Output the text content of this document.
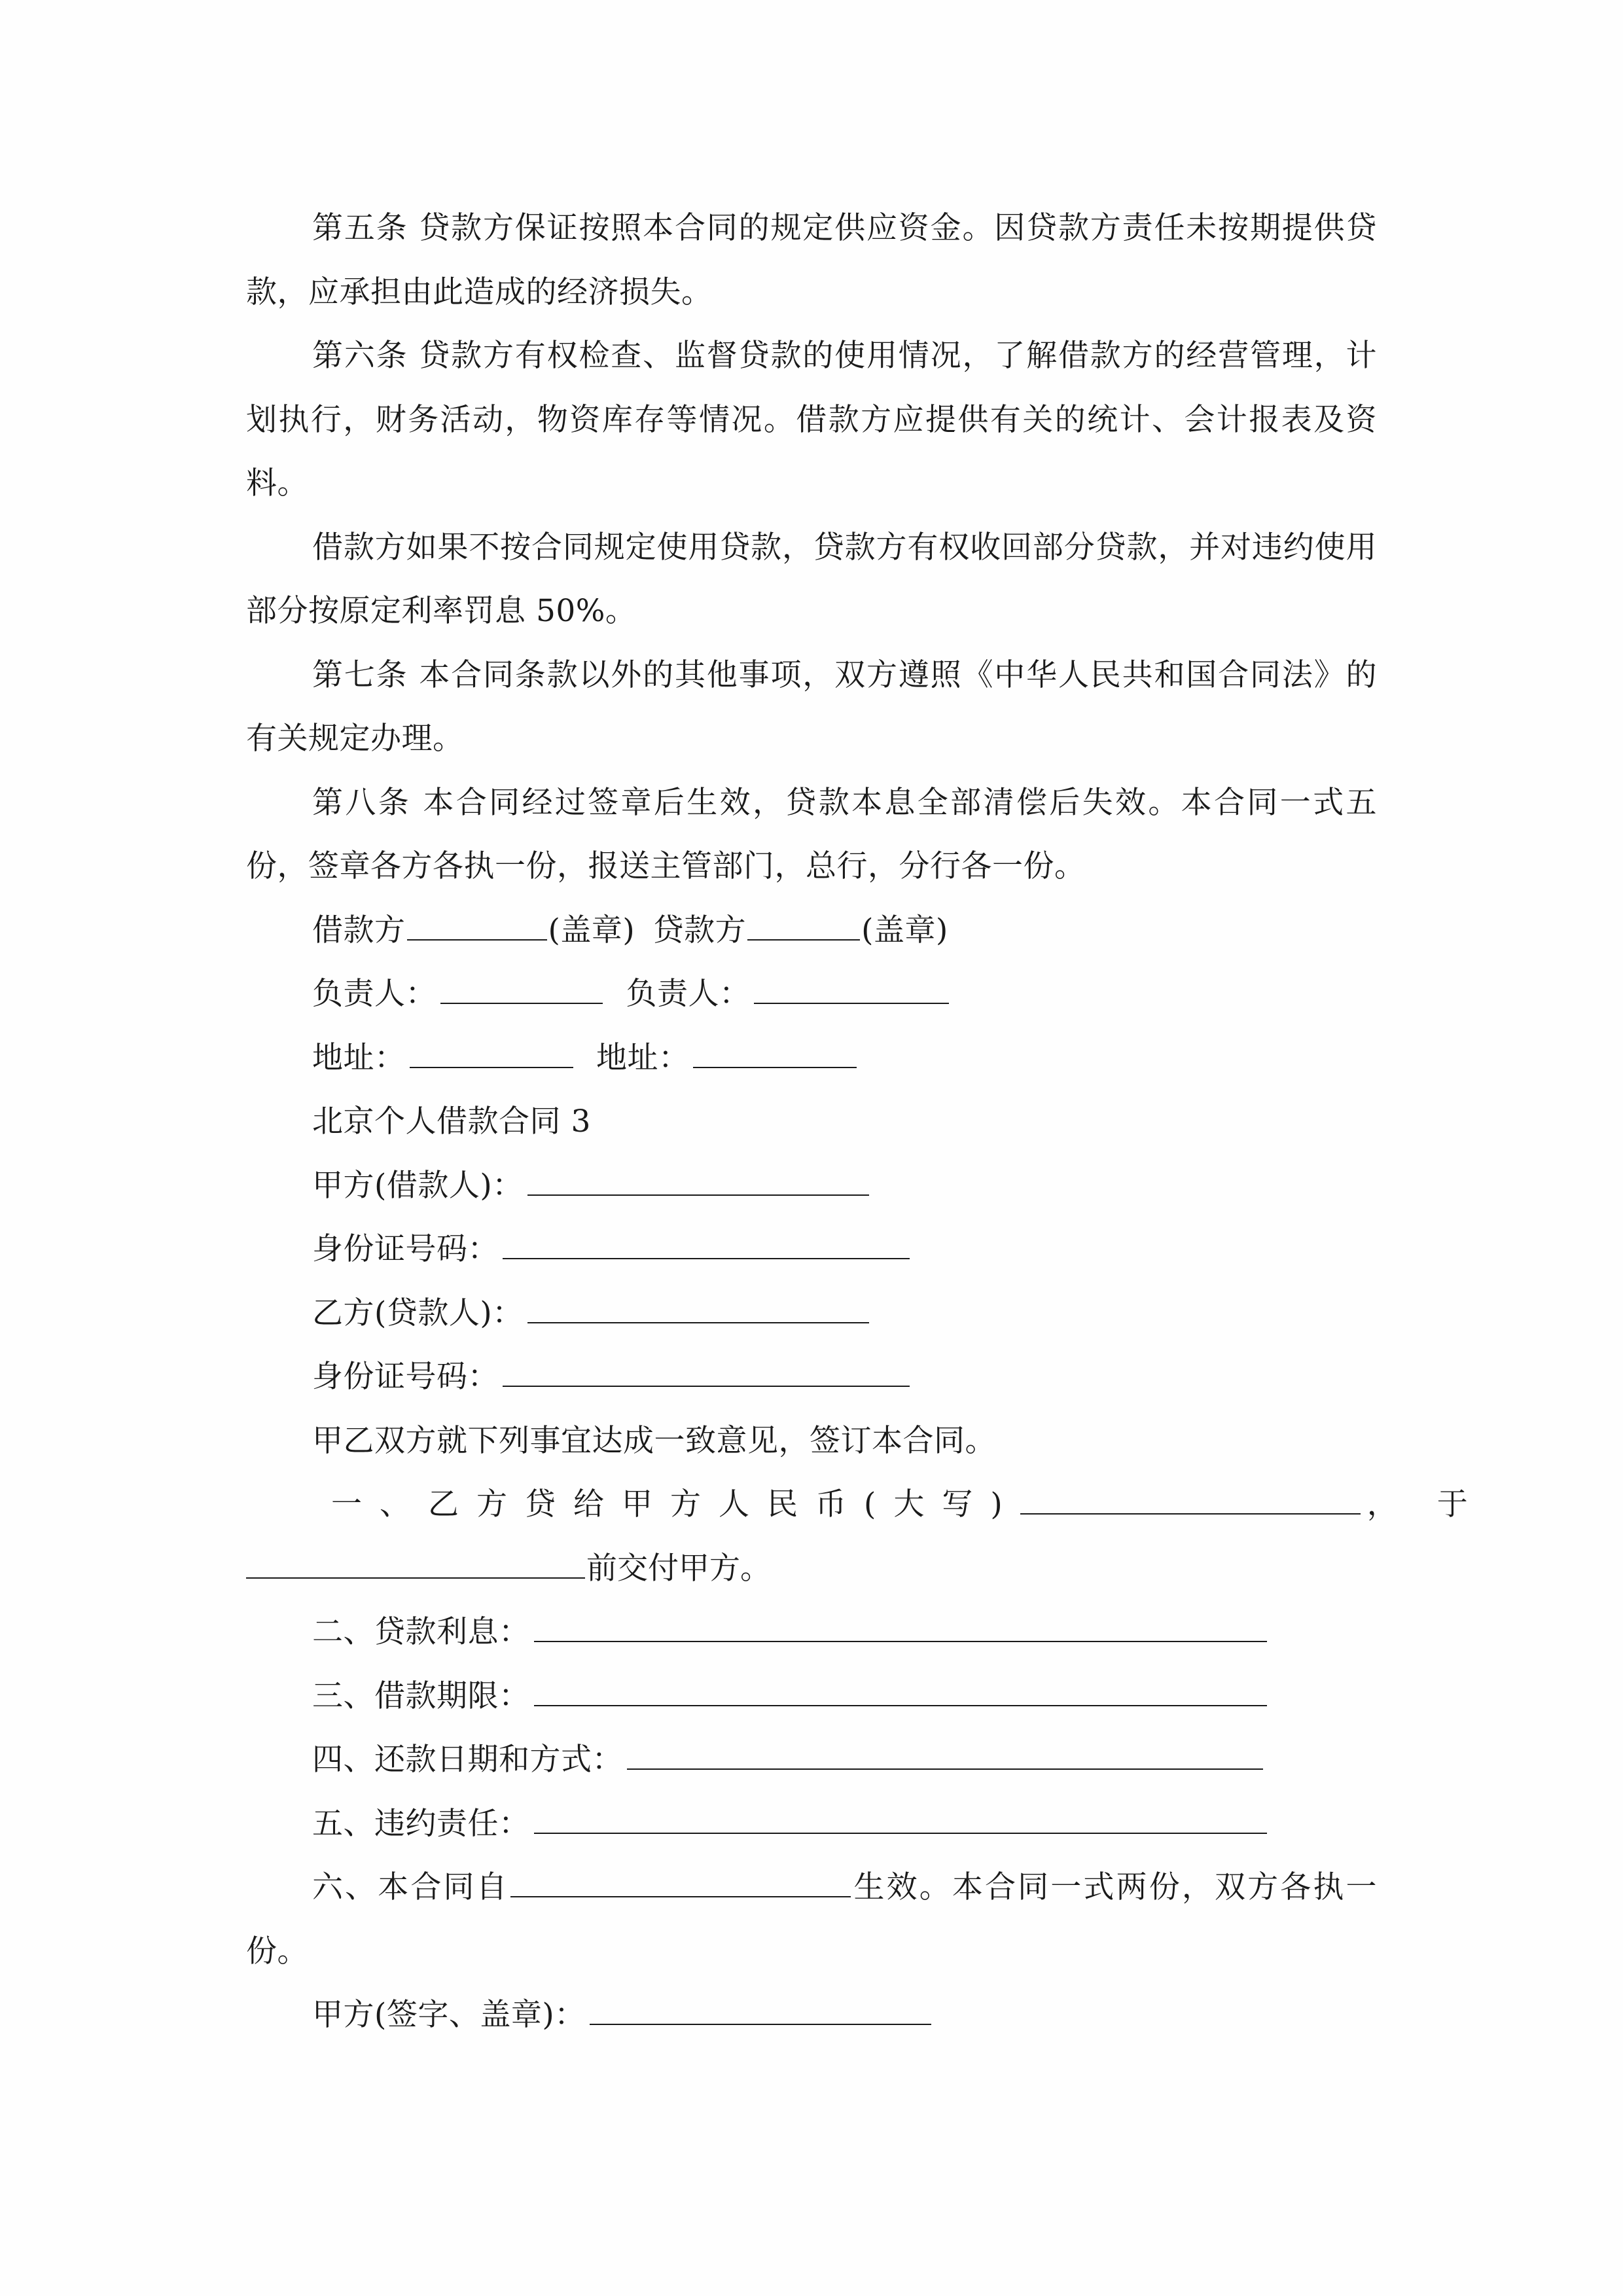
第五条 贷款方保证按照本合同的规定供应资金。因贷款方责任未按期提供贷款，应承担由此造成的经济损失。

第六条 贷款方有权检查、监督贷款的使用情况，了解借款方的经营管理，计划执行，财务活动，物资库存等情况。借款方应提供有关的统计、会计报表及资料。

借款方如果不按合同规定使用贷款，贷款方有权收回部分贷款，并对违约使用部分按原定利率罚息 50%。

第七条 本合同条款以外的其他事项，双方遵照《中华人民共和国合同法》的有关规定办理。

第八条 本合同经过签章后生效，贷款本息全部清偿后失效。本合同一式五份，签章各方各执一份，报送主管部门，总行，分行各一份。

借款方	(盖章) 贷款方	(盖章)

负责人：	负责人：

地址：	地址：

北京个人借款合同 3

甲方(借款人)：

身份证号码：

乙方(贷款人)：

身份证号码：

甲乙双方就下列事宜达成一致意见，签订本合同。

一、乙方贷给甲方人民币(大写)	， 于

前交付甲方。

二、贷款利息：

三、借款期限：

四、还款日期和方式：

五、违约责任：

六、本合同自	生效。本合同一式两份，双方各执一份。

甲方(签字、盖章)：
